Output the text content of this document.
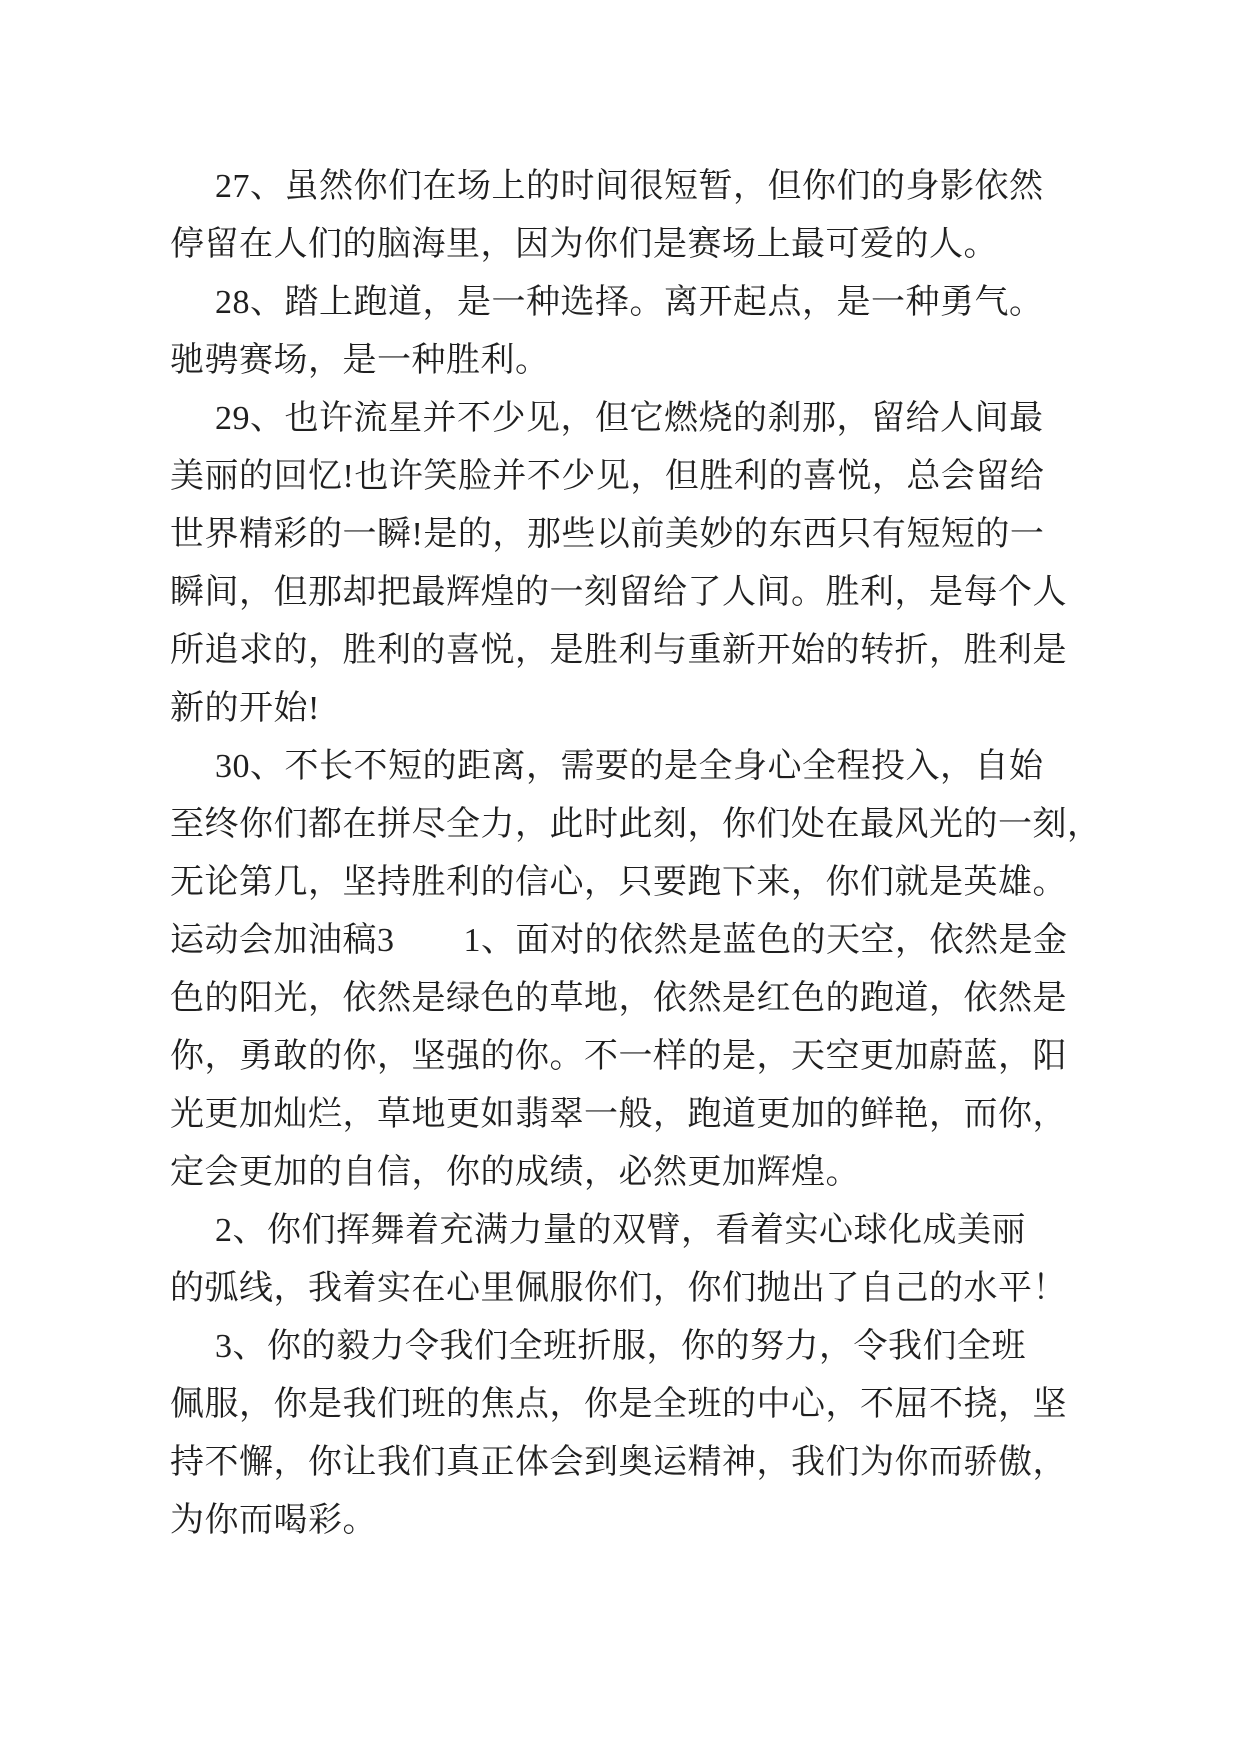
27、虽然你们在场上的时间很短暂，但你们的身影依然
停留在人们的脑海里，因为你们是赛场上最可爱的人。
28、踏上跑道，是一种选择。离开起点，是一种勇气。
驰骋赛场，是一种胜利。
29、也许流星并不少见，但它燃烧的刹那，留给人间最
美丽的回忆!也许笑脸并不少见，但胜利的喜悦，总会留给
世界精彩的一瞬!是的，那些以前美妙的东西只有短短的一
瞬间，但那却把最辉煌的一刻留给了人间。胜利，是每个人
所追求的，胜利的喜悦，是胜利与重新开始的转折，胜利是
新的开始!
30、不长不短的距离，需要的是全身心全程投入，自始
至终你们都在拼尽全力，此时此刻，你们处在最风光的一刻，
无论第几，坚持胜利的信心，只要跑下来，你们就是英雄。
运动会加油稿3　　1、面对的依然是蓝色的天空，依然是金
色的阳光，依然是绿色的草地，依然是红色的跑道，依然是
你，勇敢的你，坚强的你。不一样的是，天空更加蔚蓝，阳
光更加灿烂，草地更如翡翠一般，跑道更加的鲜艳，而你，
定会更加的自信，你的成绩，必然更加辉煌。
2、你们挥舞着充满力量的双臂，看着实心球化成美丽
的弧线，我着实在心里佩服你们，你们抛出了自己的水平！
3、你的毅力令我们全班折服，你的努力，令我们全班
佩服，你是我们班的焦点，你是全班的中心，不屈不挠，坚
持不懈，你让我们真正体会到奥运精神，我们为你而骄傲，
为你而喝彩。
